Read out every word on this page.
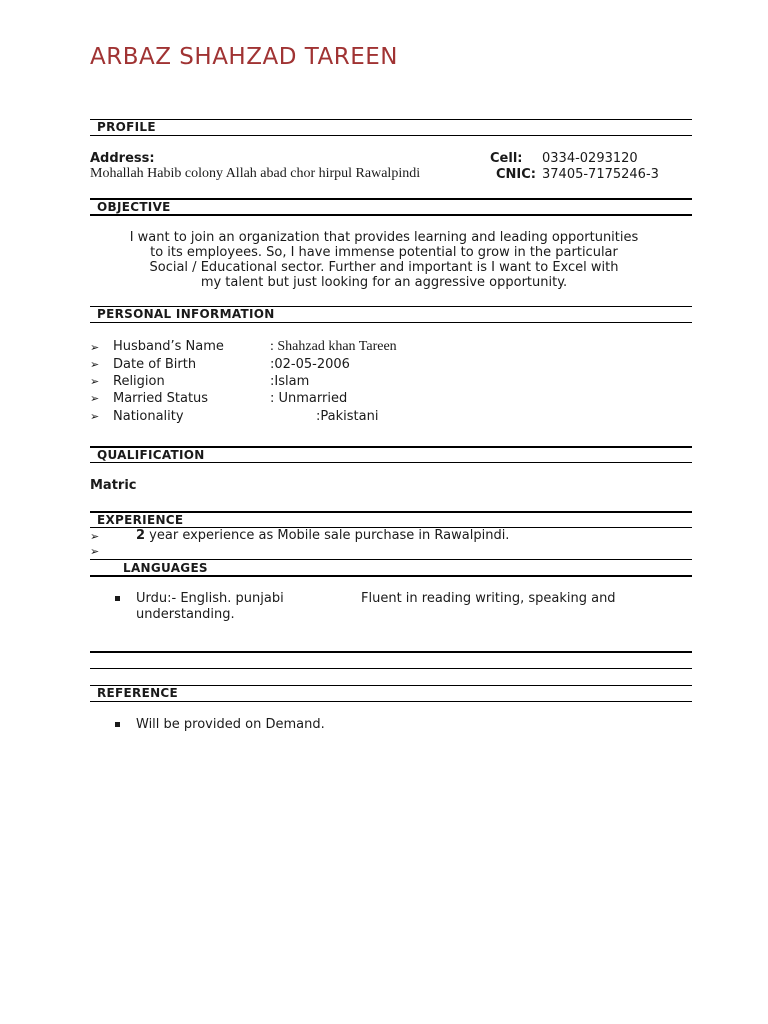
ARBAZ SHAHZAD TAREEN
PROFILE
Address:
Mohallah Habib colony Allah abad chor hirpul Rawalpindi
Cell: 0334-0293120
CNIC: 37405-7175246-3
OBJECTIVE
I want to join an organization that provides learning and leading opportunities
to its employees. So, I have immense potential to grow in the particular
Social / Educational sector. Further and important is I want to Excel with
my talent but just looking for an aggressive opportunity.
PERSONAL INFORMATION
➢ Husband’s Name	: Shahzad khan Tareen
➢ Date of Birth	:02-05-2006
➢ Religion	:Islam
➢ Married Status	: Unmarried
➢ Nationality	:Pakistani
QUALIFICATION
Matric
EXPERIENCE
➢	2 year experience as Mobile sale purchase in Rawalpindi.
➢
LANGUAGES
Urdu:- English. punjabi	Fluent in reading writing, speaking and
understanding.
REFERENCE
Will be provided on Demand.
